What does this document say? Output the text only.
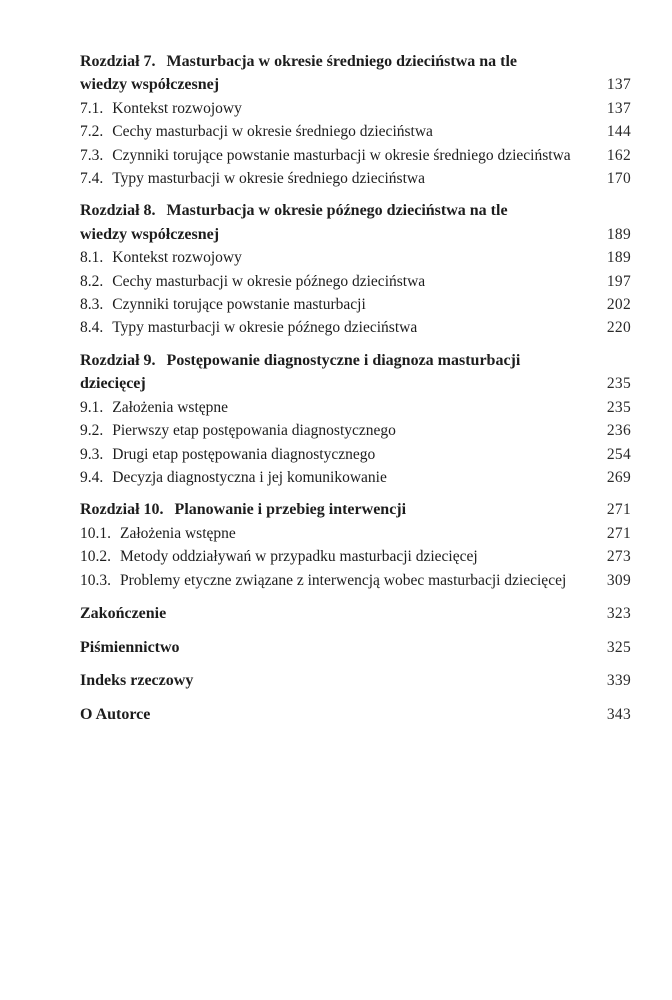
Rozdział 7. Masturbacja w okresie średniego dzieciństwa na tle wiedzy współczesnej	137
7.1. Kontekst rozwojowy	137
7.2. Cechy masturbacji w okresie średniego dzieciństwa	144
7.3. Czynniki torujące powstanie masturbacji w okresie średniego dzieciństwa	162
7.4. Typy masturbacji w okresie średniego dzieciństwa	170
Rozdział 8. Masturbacja w okresie późnego dzieciństwa na tle wiedzy współczesnej	189
8.1. Kontekst rozwojowy	189
8.2. Cechy masturbacji w okresie późnego dzieciństwa	197
8.3. Czynniki torujące powstanie masturbacji	202
8.4. Typy masturbacji w okresie późnego dzieciństwa	220
Rozdział 9. Postępowanie diagnostyczne i diagnoza masturbacji dziecięcej	235
9.1. Założenia wstępne	235
9.2. Pierwszy etap postępowania diagnostycznego	236
9.3. Drugi etap postępowania diagnostycznego	254
9.4. Decyzja diagnostyczna i jej komunikowanie	269
Rozdział 10. Planowanie i przebieg interwencji	271
10.1. Założenia wstępne	271
10.2. Metody oddziaływań w przypadku masturbacji dziecięcej	273
10.3. Problemy etyczne związane z interwencją wobec masturbacji dziecięcej	309
Zakończenie	323
Piśmiennictwo	325
Indeks rzeczowy	339
O Autorce	343
